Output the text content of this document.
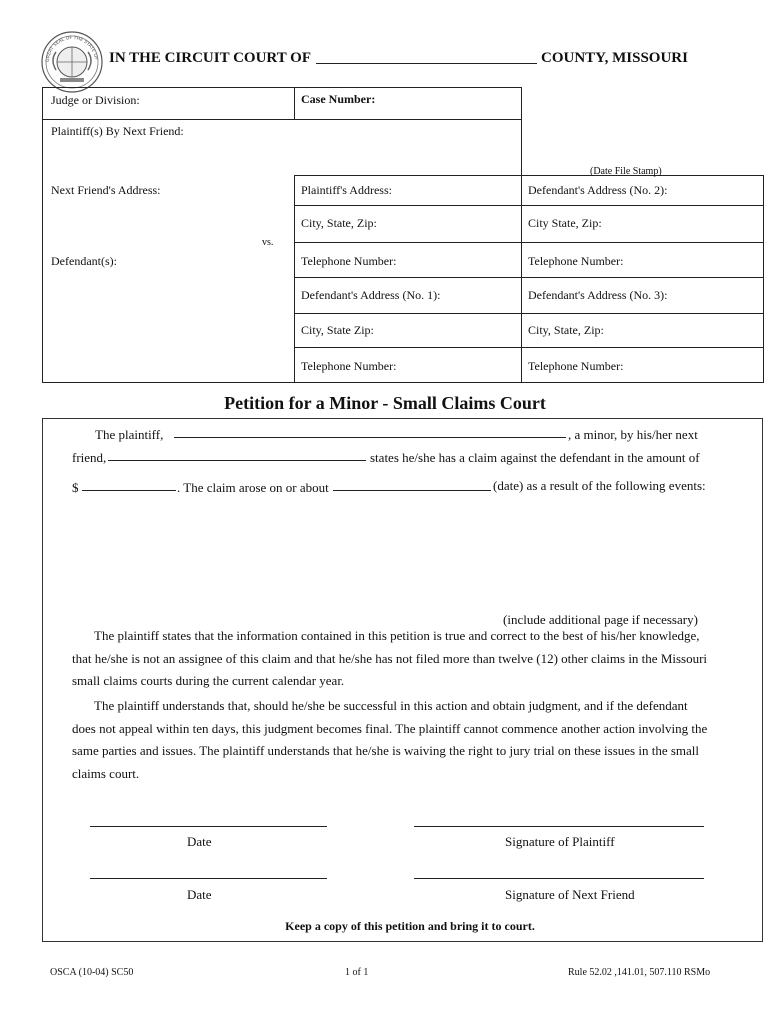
GREAT SEAL OF THE STATE OF IN THE CIRCUIT COURT OF	COUNTY, MISSOURI
Judge or Division:	Case Number:
Plaintiff(s) By Next Friend:
(Date File Stamp)
Next Friend's Address:	Plaintiff's Address:	Defendant's Address (No. 2):
City, State, Zip:	City State, Zip:
vs.
Defendant(s):	Telephone Number:	Telephone Number:
Defendant's Address (No. 1):	Defendant's Address (No. 3):
City, State Zip:	City, State, Zip:
Telephone Number:	Telephone Number:
Petition for a Minor - Small Claims Court
The plaintiff,	, a minor, by his/her next
friend,	states he/she has a claim against the defendant in the amount of
$	. The claim arose on or about	(date) as a result of the following events:
(include additional page if necessary)
The plaintiff states that the information contained in this petition is true and correct to the best of his/her knowledge, that he/she is not an assignee of this claim and that he/she has not filed more than twelve (12) other claims in the Missouri small claims courts during the current calendar year.
The plaintiff understands that, should he/she be successful in this action and obtain judgment, and if the defendant does not appeal within ten days, this judgment becomes final. The plaintiff cannot commence another action involving the same parties and issues. The plaintiff understands that he/she is waiving the right to jury trial on these issues in the small claims court.
Date	Signature of Plaintiff
Date	Signature of Next Friend
Keep a copy of this petition and bring it to court.
OSCA (10-04) SC50	1 of 1	Rule 52.02 ,141.01, 507.110 RSMo
